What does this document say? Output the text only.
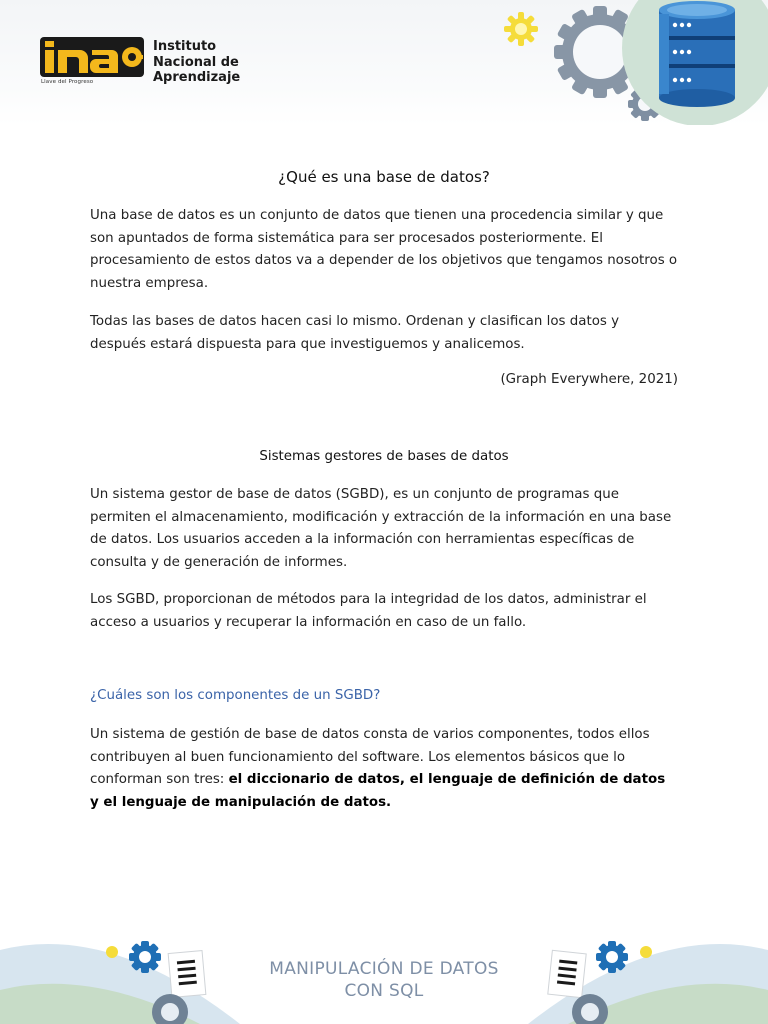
Llave del Progreso
Instituto
Nacional de
Aprendizaje
¿Qué es una base de datos?

Una base de datos es un conjunto de datos que tienen una procedencia similar y que son apuntados de forma sistemática para ser procesados posteriormente. El procesamiento de estos datos va a depender de los objetivos que tengamos nosotros o nuestra empresa.

Todas las bases de datos hacen casi lo mismo. Ordenan y clasifican los datos y después estará dispuesta para que investiguemos y analicemos.

(Graph Everywhere, 2021)
Sistemas gestores de bases de datos

Un sistema gestor de base de datos (SGBD), es un conjunto de programas que permiten el almacenamiento, modificación y extracción de la información en una base de datos. Los usuarios acceden a la información con herramientas específicas de consulta y de generación de informes.

Los SGBD, proporcionan de métodos para la integridad de los datos, administrar el acceso a usuarios y recuperar la información en caso de un fallo.

¿Cuáles son los componentes de un SGBD?

Un sistema de gestión de base de datos consta de varios componentes, todos ellos contribuyen al buen funcionamiento del software. Los elementos básicos que lo conforman son tres: el diccionario de datos, el lenguaje de definición de datos y el lenguaje de manipulación de datos.

MANIPULACIÓN DE DATOS
CON SQL
